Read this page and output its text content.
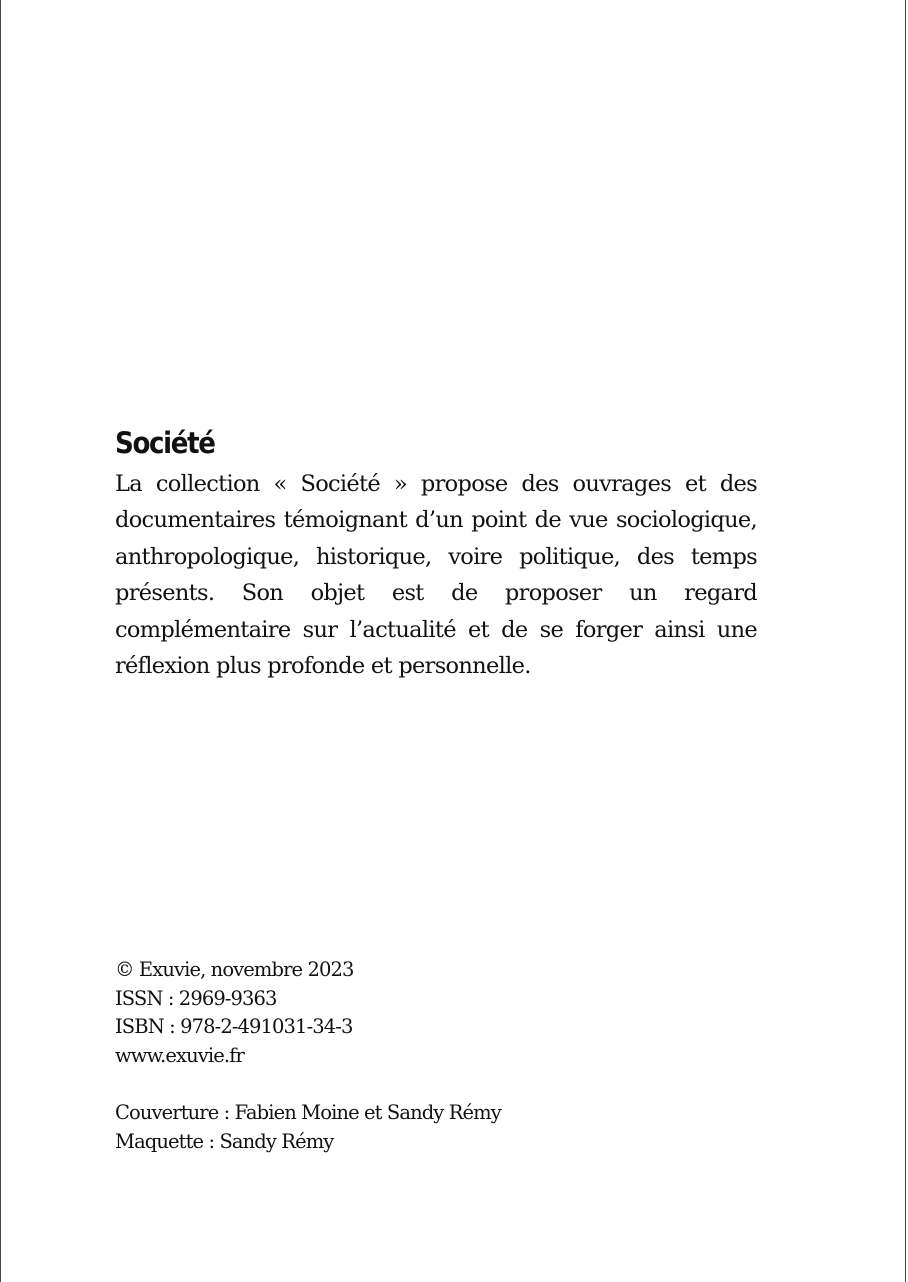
Société

La collection « Société » propose des ouvrages et des documentaires témoignant d’un point de vue sociologique, anthropologique, historique, voire politique, des temps présents. Son objet est de proposer un regard complémentaire sur l’actualité et de se forger ainsi une réflexion plus profonde et personnelle.

© Exuvie, novembre 2023
ISSN : 2969-9363
ISBN : 978-2-491031-34-3
www.exuvie.fr
Couverture : Fabien Moine et Sandy Rémy
Maquette : Sandy Rémy
